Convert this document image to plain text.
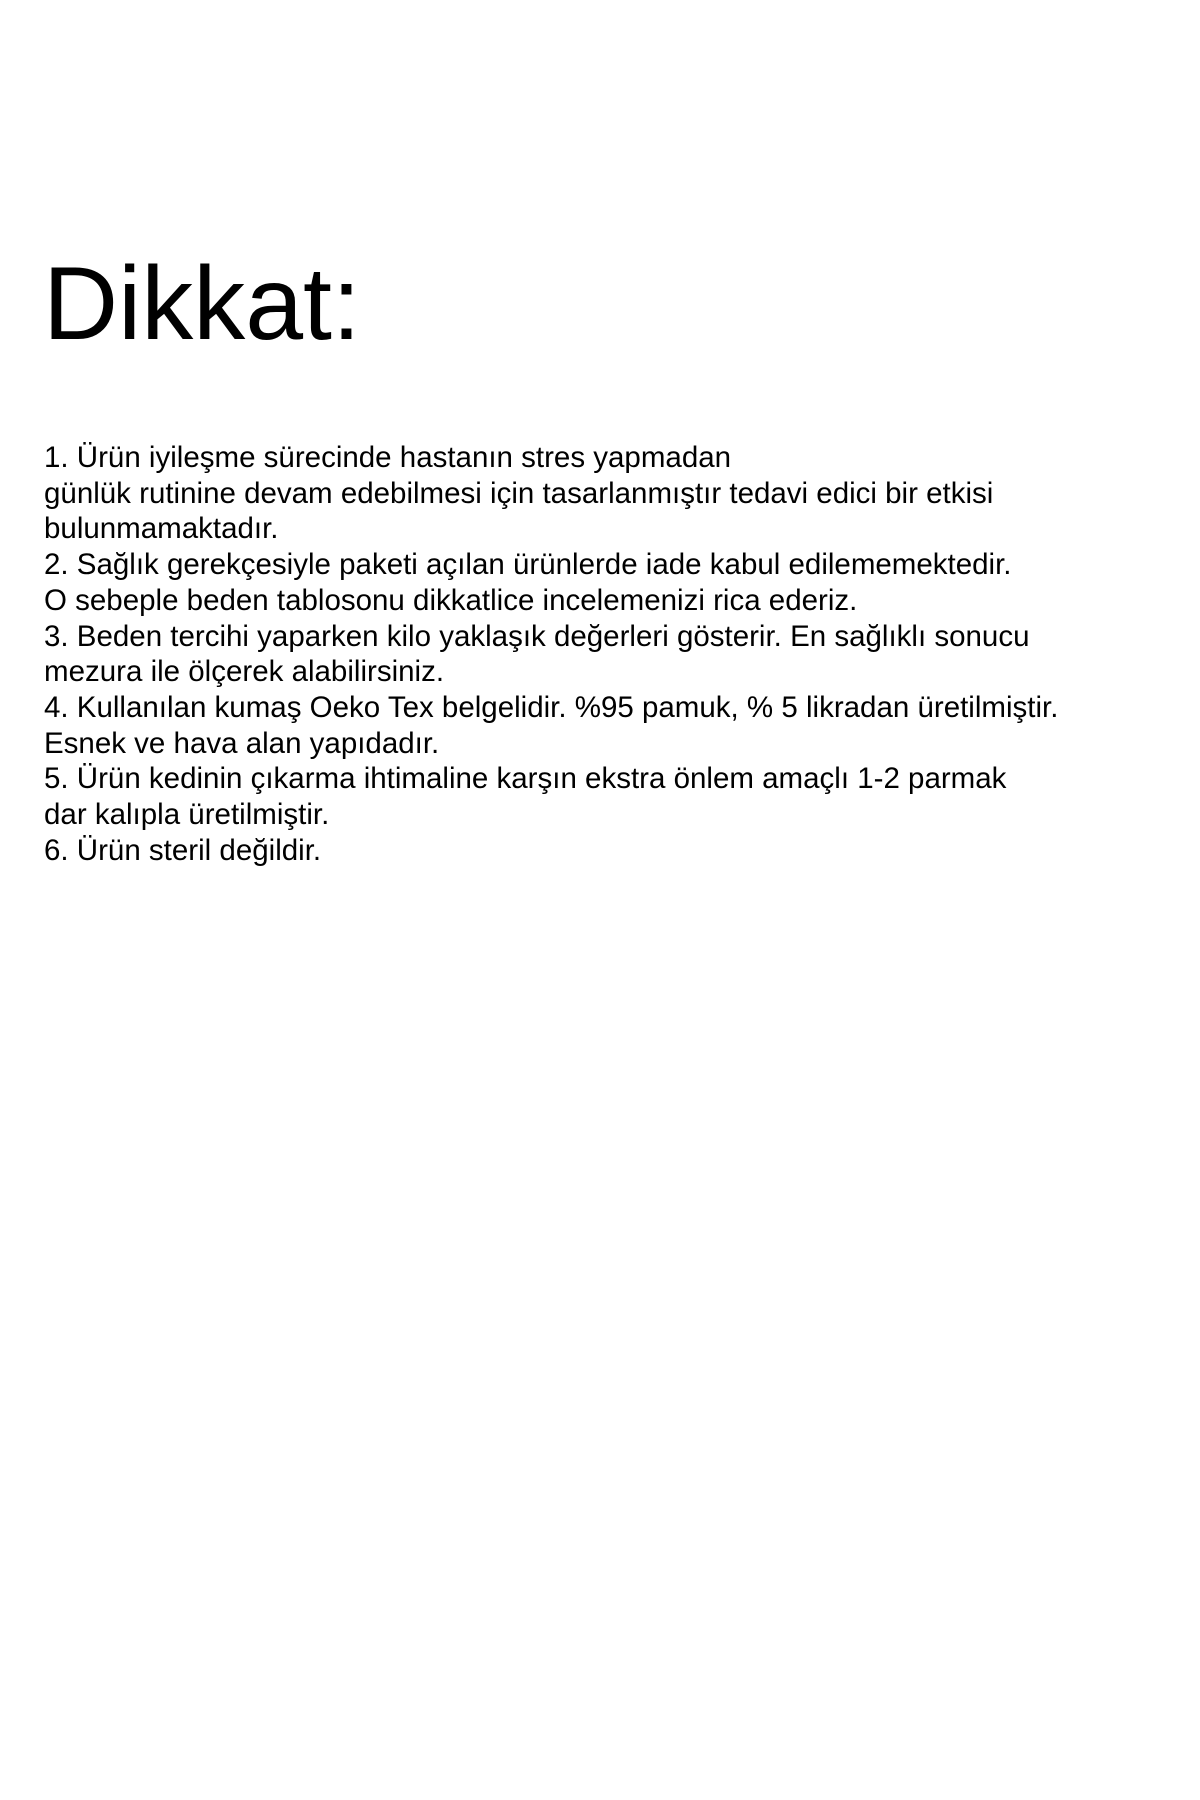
Dikkat:
1. Ürün iyileşme sürecinde hastanın stres yapmadan
günlük rutinine devam edebilmesi için tasarlanmıştır tedavi edici bir etkisi
bulunmamaktadır.
2. Sağlık gerekçesiyle paketi açılan ürünlerde iade kabul edilememektedir.
O sebeple beden tablosonu dikkatlice incelemenizi rica ederiz.
3. Beden tercihi yaparken kilo yaklaşık değerleri gösterir. En sağlıklı sonucu
mezura ile ölçerek alabilirsiniz.
4. Kullanılan kumaş Oeko Tex belgelidir. %95 pamuk, % 5 likradan üretilmiştir.
Esnek ve hava alan yapıdadır.
5. Ürün kedinin çıkarma ihtimaline karşın ekstra önlem amaçlı 1-2 parmak
dar kalıpla üretilmiştir.
6. Ürün steril değildir.
